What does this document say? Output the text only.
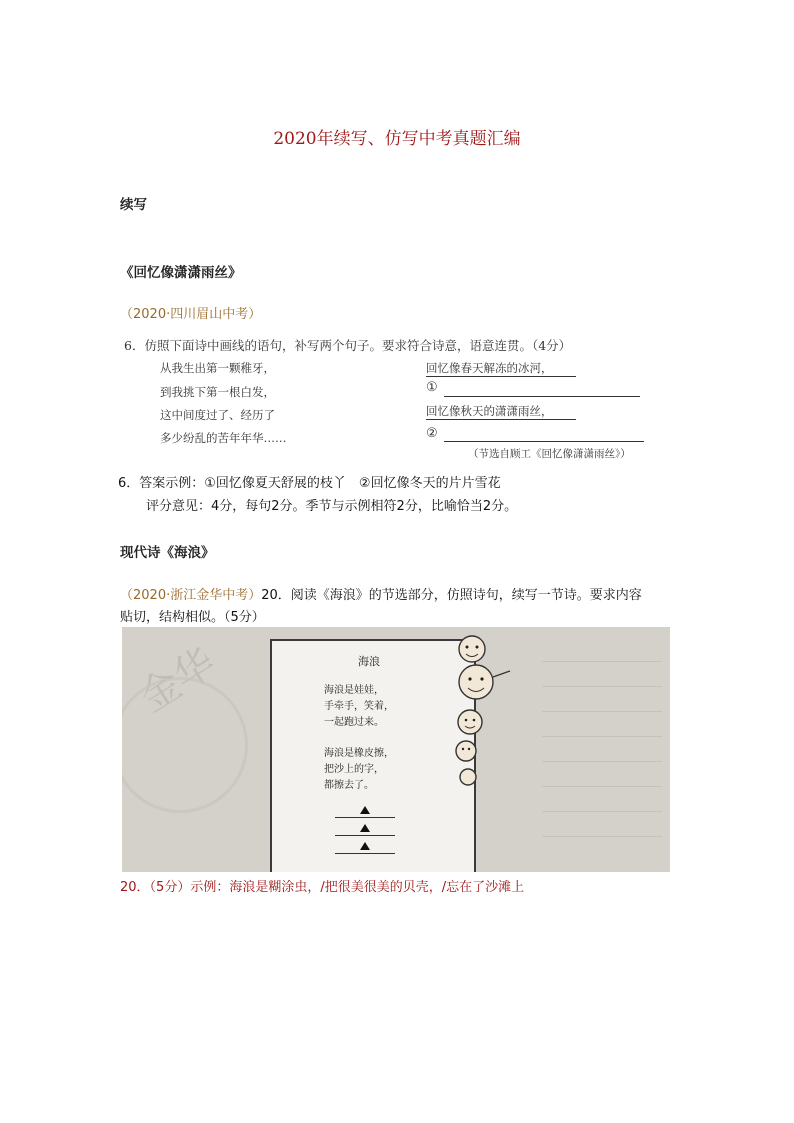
2020年续写、仿写中考真题汇编
续写
《回忆像潇潇雨丝》
（2020·四川眉山中考）
6．仿照下面诗中画线的语句，补写两个句子。要求符合诗意，语意连贯。（4分）
从我生出第一颗稚牙，
到我挑下第一根白发，
这中间度过了、经历了
多少纷乱的苦年年华……
回忆像春天解冻的冰河，
①
回忆像秋天的潇潇雨丝，
②
（节选自顾工《回忆像潇潇雨丝》）
6．答案示例：①回忆像夏天舒展的枝丫　②回忆像冬天的片片雪花
评分意见：4分，每句2分。季节与示例相符2分，比喻恰当2分。
现代诗《海浪》
（2020·浙江金华中考）20．阅读《海浪》的节选部分，仿照诗句，续写一节诗。要求内容
贴切，结构相似。（5分）
金华	海浪
海浪是娃娃，
手牵手，笑着，
一起跑过来。
海浪是橡皮擦，
把沙上的字，
都擦去了。
20．（5分）示例：海浪是糊涂虫，/把很美很美的贝壳，/忘在了沙滩上
